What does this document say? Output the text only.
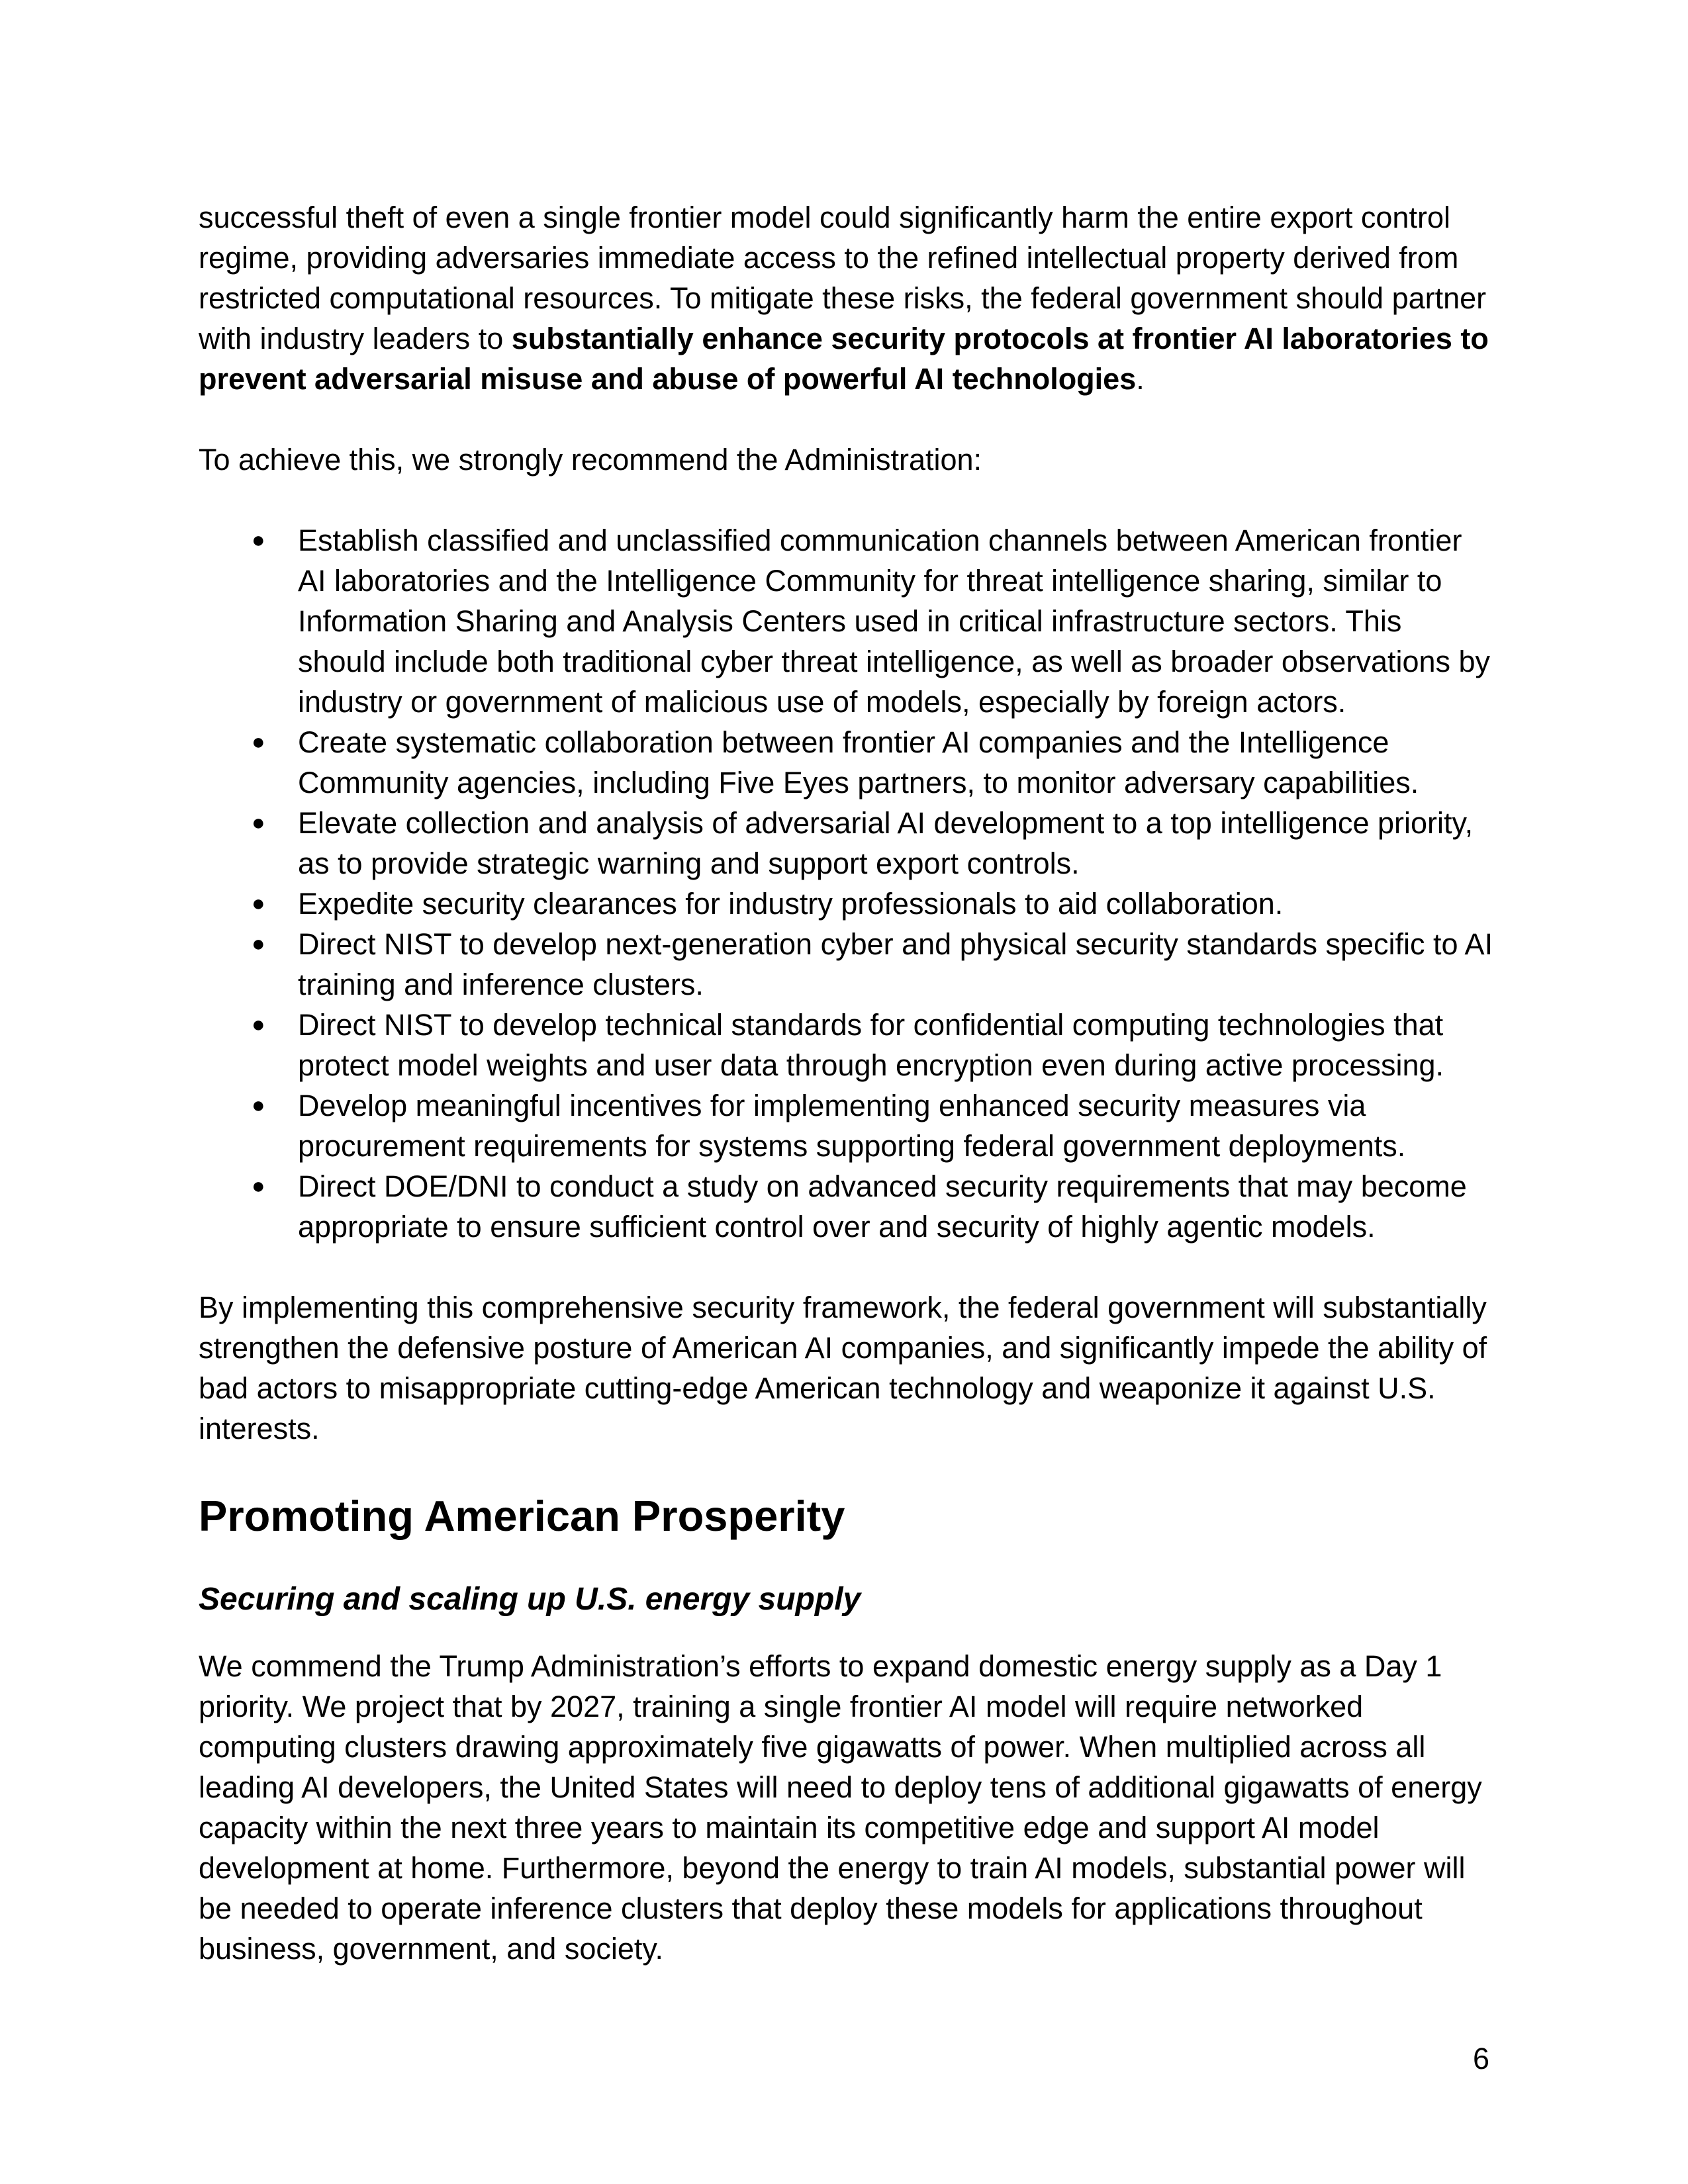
successful theft of even a single frontier model could significantly harm the entire export control regime, providing adversaries immediate access to the refined intellectual property derived from restricted computational resources. To mitigate these risks, the federal government should partner with industry leaders to substantially enhance security protocols at frontier AI laboratories to prevent adversarial misuse and abuse of powerful AI technologies.

To achieve this, we strongly recommend the Administration:

● Establish classified and unclassified communication channels between American frontier AI laboratories and the Intelligence Community for threat intelligence sharing, similar to Information Sharing and Analysis Centers used in critical infrastructure sectors. This should include both traditional cyber threat intelligence, as well as broader observations by industry or government of malicious use of models, especially by foreign actors.
● Create systematic collaboration between frontier AI companies and the Intelligence Community agencies, including Five Eyes partners, to monitor adversary capabilities.
● Elevate collection and analysis of adversarial AI development to a top intelligence priority, as to provide strategic warning and support export controls.
● Expedite security clearances for industry professionals to aid collaboration.
● Direct NIST to develop next-generation cyber and physical security standards specific to AI training and inference clusters.
● Direct NIST to develop technical standards for confidential computing technologies that protect model weights and user data through encryption even during active processing.
● Develop meaningful incentives for implementing enhanced security measures via procurement requirements for systems supporting federal government deployments.
● Direct DOE/DNI to conduct a study on advanced security requirements that may become appropriate to ensure sufficient control over and security of highly agentic models.

By implementing this comprehensive security framework, the federal government will substantially strengthen the defensive posture of American AI companies, and significantly impede the ability of bad actors to misappropriate cutting-edge American technology and weaponize it against U.S. interests.

Promoting American Prosperity
Securing and scaling up U.S. energy supply

We commend the Trump Administration’s efforts to expand domestic energy supply as a Day 1 priority. We project that by 2027, training a single frontier AI model will require networked computing clusters drawing approximately five gigawatts of power. When multiplied across all leading AI developers, the United States will need to deploy tens of additional gigawatts of energy capacity within the next three years to maintain its competitive edge and support AI model development at home. Furthermore, beyond the energy to train AI models, substantial power will be needed to operate inference clusters that deploy these models for applications throughout business, government, and society.

6
